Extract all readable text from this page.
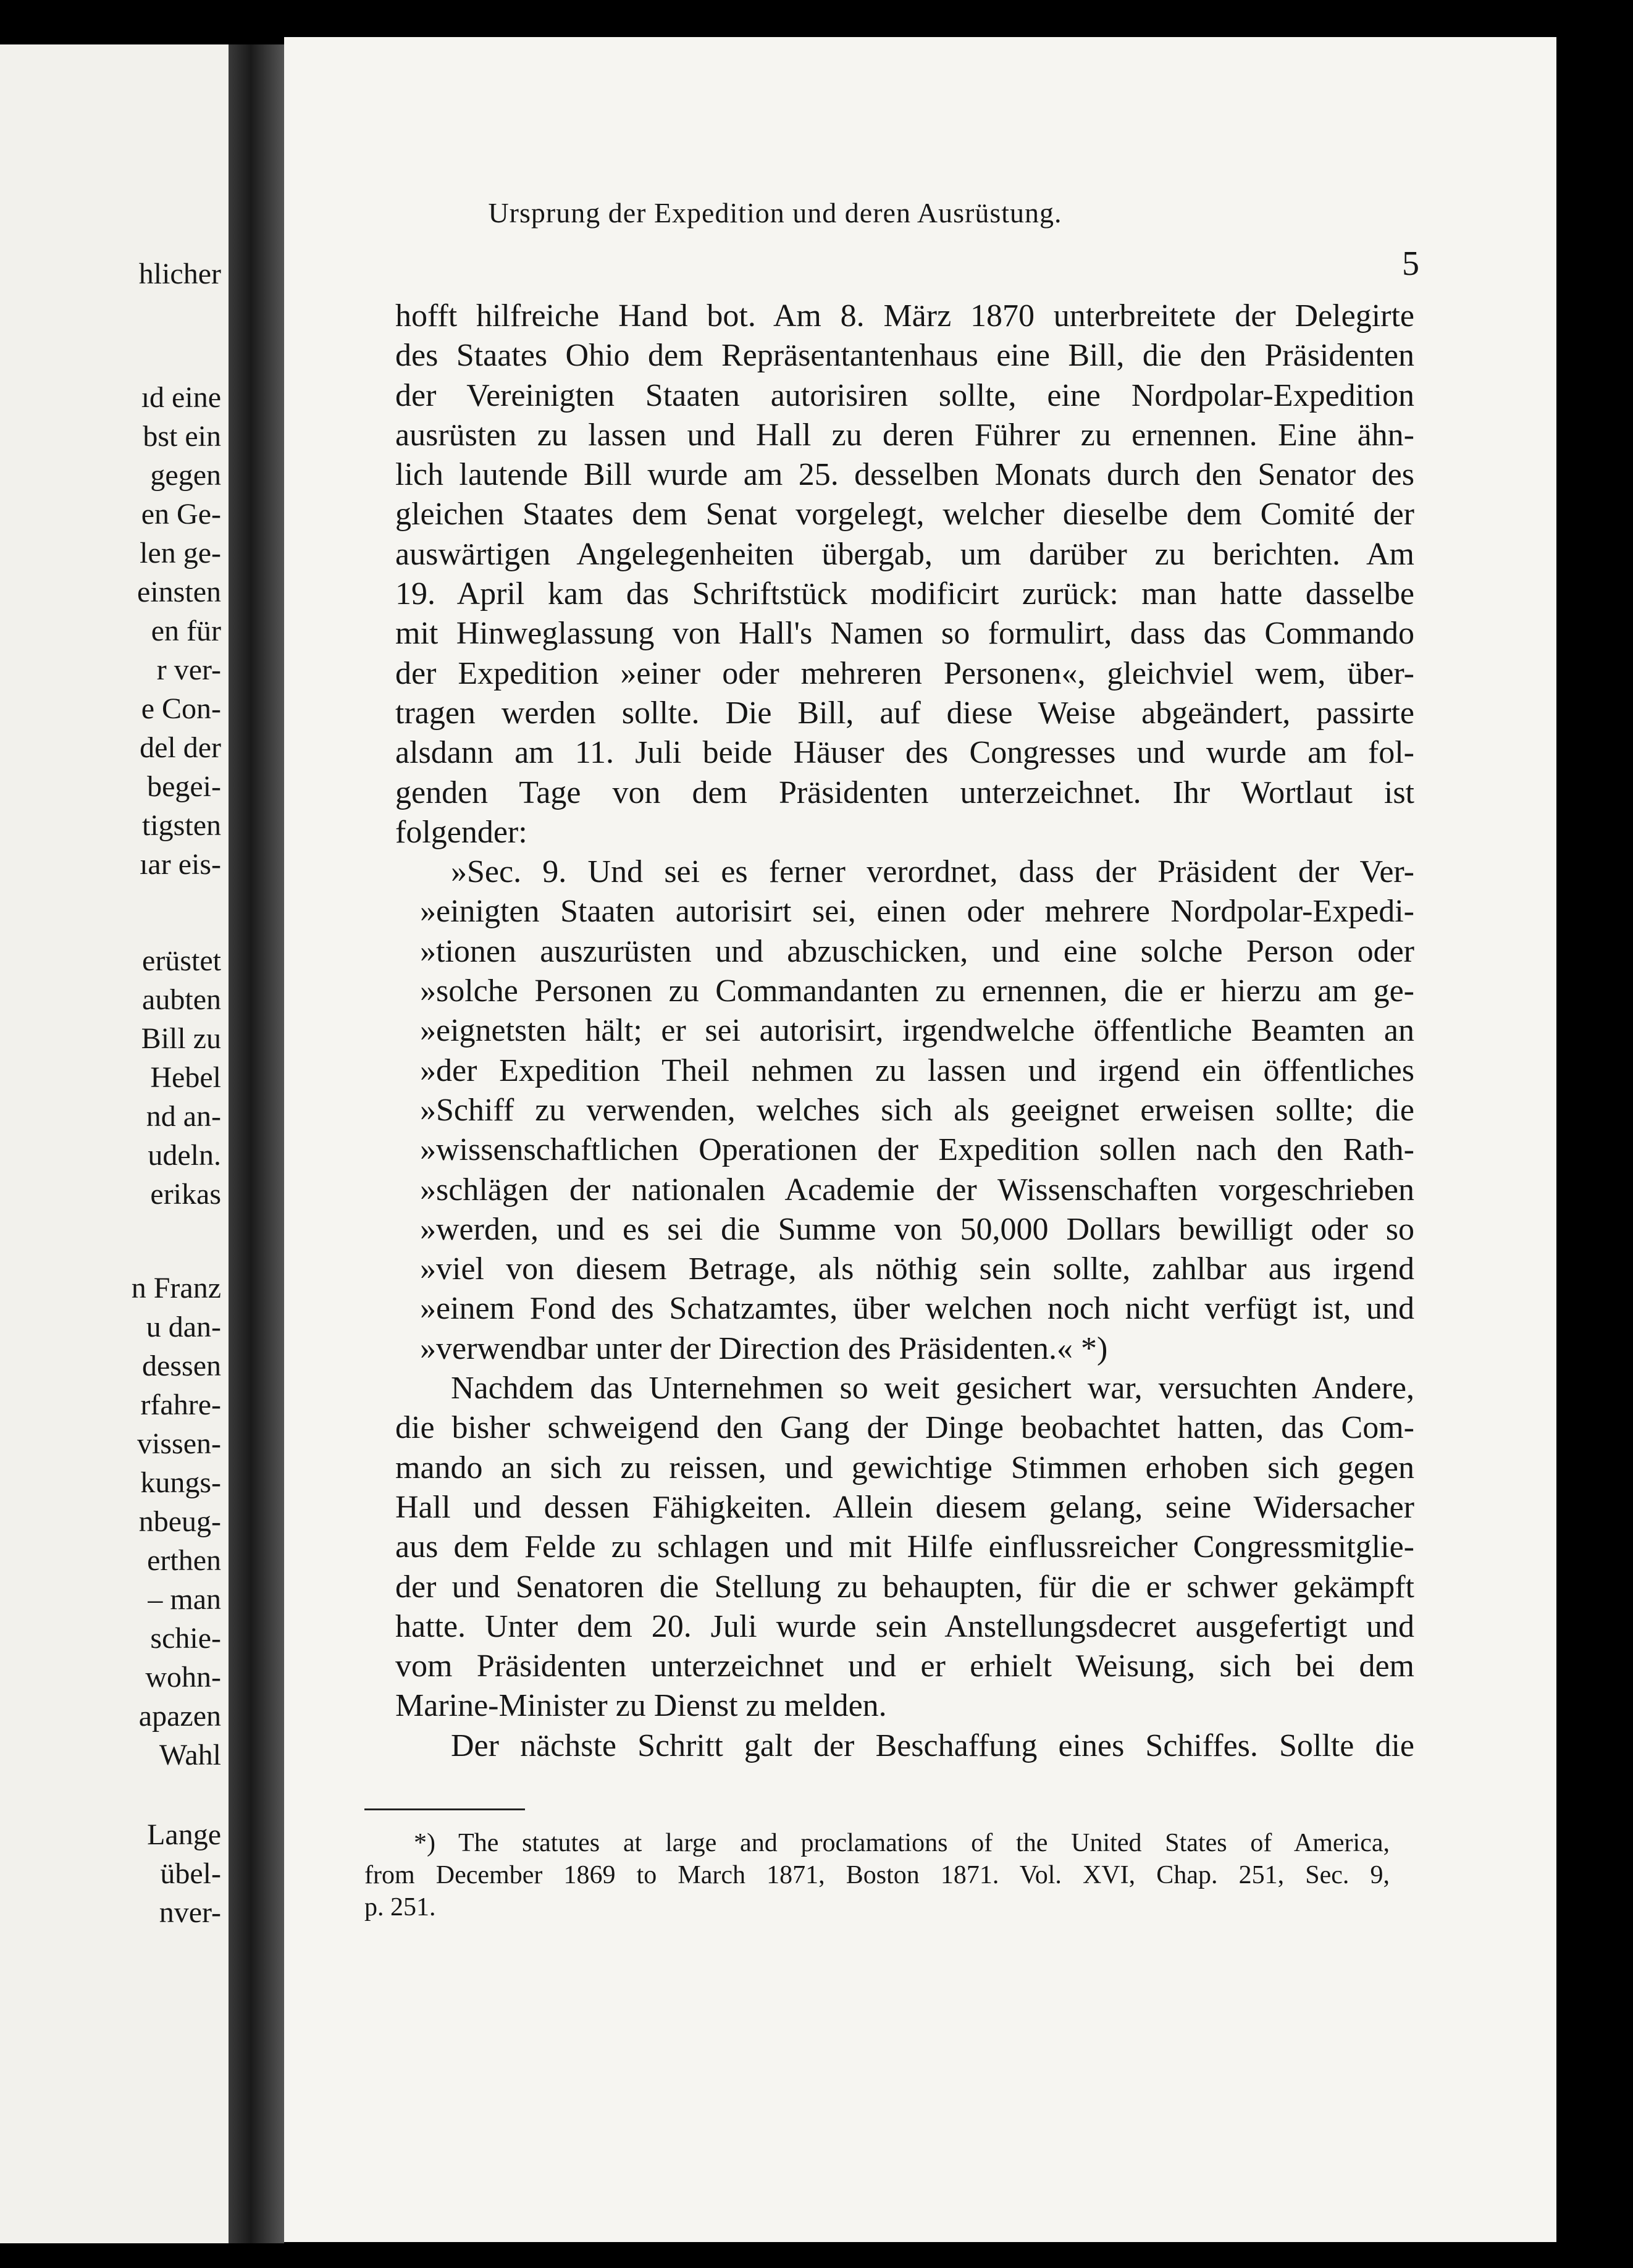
hlicher
ıd eine
bst ein
gegen
en Ge-
len ge-
einsten
en für
r ver-
e Con-
del der
begei-
tigsten
ıar eis-
erüstet
aubten
Bill zu
Hebel
nd an-
udeln.
erikas
n Franz
u dan-
dessen
rfahre-
vissen-
kungs-
nbeug-
erthen
– man
schie-
wohn-
apazen
Wahl
Lange
übel-
nver-
Ursprung der Expedition und deren Ausrüstung.
5
hofft hilfreiche Hand bot. Am 8. März 1870 unterbreitete der Delegirte
des Staates Ohio dem Repräsentantenhaus eine Bill, die den Präsidenten
der Vereinigten Staaten autorisiren sollte, eine Nordpolar-Expedition
ausrüsten zu lassen und Hall zu deren Führer zu ernennen. Eine ähn-
lich lautende Bill wurde am 25. desselben Monats durch den Senator des
gleichen Staates dem Senat vorgelegt, welcher dieselbe dem Comité der
auswärtigen Angelegenheiten übergab, um darüber zu berichten. Am
19. April kam das Schriftstück modificirt zurück: man hatte dasselbe
mit Hinweglassung von Hall's Namen so formulirt, dass das Commando
der Expedition »einer oder mehreren Personen«, gleichviel wem, über-
tragen werden sollte. Die Bill, auf diese Weise abgeändert, passirte
alsdann am 11. Juli beide Häuser des Congresses und wurde am fol-
genden Tage von dem Präsidenten unterzeichnet. Ihr Wortlaut ist
folgender:
»Sec. 9. Und sei es ferner verordnet, dass der Präsident der Ver-
»einigten Staaten autorisirt sei, einen oder mehrere Nordpolar-Expedi-
»tionen auszurüsten und abzuschicken, und eine solche Person oder
»solche Personen zu Commandanten zu ernennen, die er hierzu am ge-
»eignetsten hält; er sei autorisirt, irgendwelche öffentliche Beamten an
»der Expedition Theil nehmen zu lassen und irgend ein öffentliches
»Schiff zu verwenden, welches sich als geeignet erweisen sollte; die
»wissenschaftlichen Operationen der Expedition sollen nach den Rath-
»schlägen der nationalen Academie der Wissenschaften vorgeschrieben
»werden, und es sei die Summe von 50,000 Dollars bewilligt oder so
»viel von diesem Betrage, als nöthig sein sollte, zahlbar aus irgend
»einem Fond des Schatzamtes, über welchen noch nicht verfügt ist, und
»verwendbar unter der Direction des Präsidenten.« *)
Nachdem das Unternehmen so weit gesichert war, versuchten Andere,
die bisher schweigend den Gang der Dinge beobachtet hatten, das Com-
mando an sich zu reissen, und gewichtige Stimmen erhoben sich gegen
Hall und dessen Fähigkeiten. Allein diesem gelang, seine Widersacher
aus dem Felde zu schlagen und mit Hilfe einflussreicher Congressmitglie-
der und Senatoren die Stellung zu behaupten, für die er schwer gekämpft
hatte. Unter dem 20. Juli wurde sein Anstellungsdecret ausgefertigt und
vom Präsidenten unterzeichnet und er erhielt Weisung, sich bei dem
Marine-Minister zu Dienst zu melden.
Der nächste Schritt galt der Beschaffung eines Schiffes. Sollte die
*) The statutes at large and proclamations of the United States of America,
from December 1869 to March 1871, Boston 1871. Vol. XVI, Chap. 251, Sec. 9,
p. 251.
